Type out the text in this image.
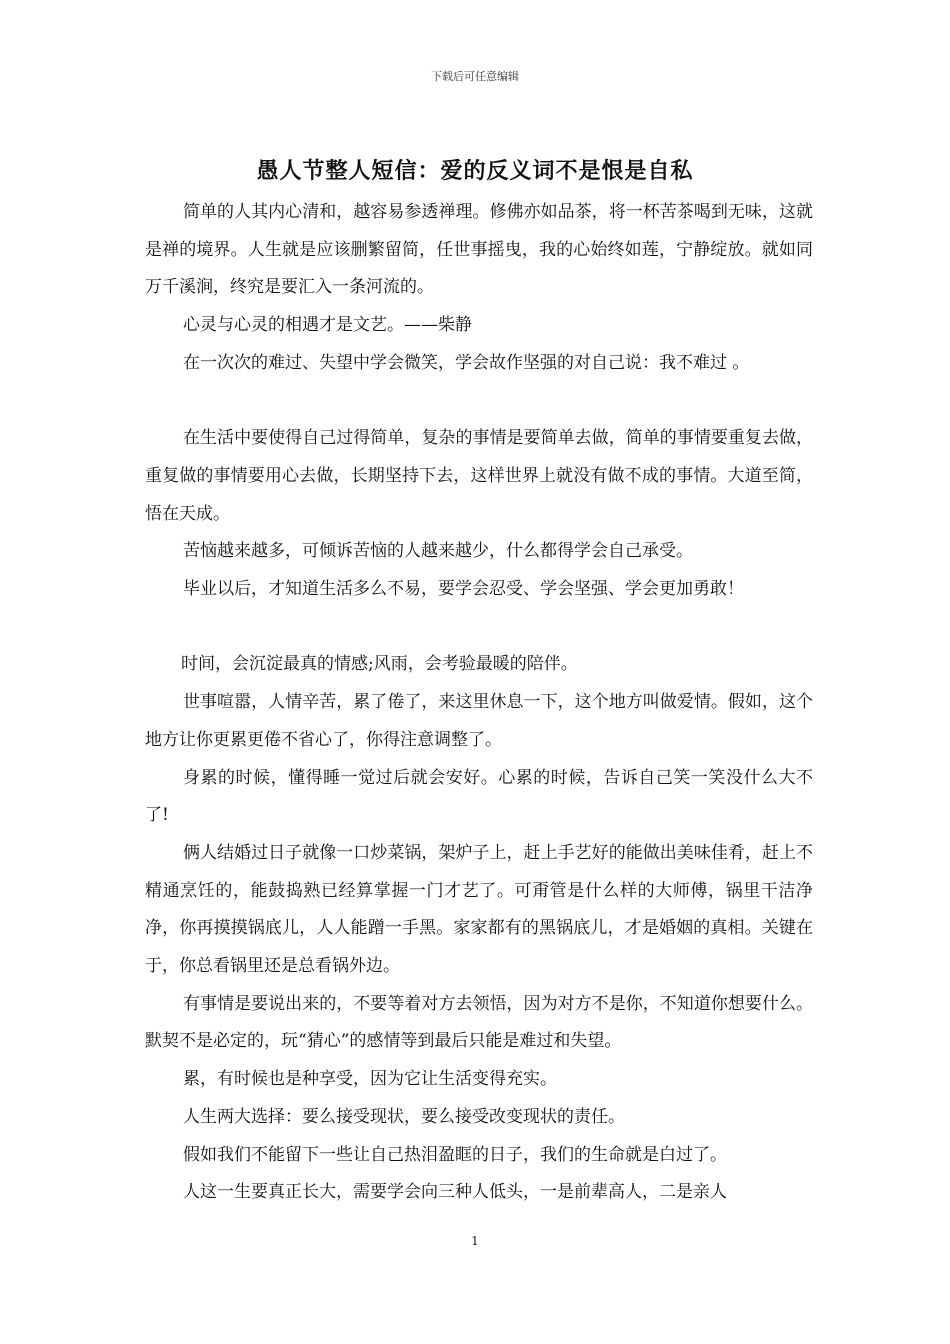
下载后可任意编辑
愚人节整人短信：爱的反义词不是恨是自私

简单的人其内心清和，越容易参透禅理。修佛亦如品茶，将一杯苦茶喝到无味，这就是禅的境界。人生就是应该删繁留简，任世事摇曳，我的心始终如莲，宁静绽放。就如同万千溪涧，终究是要汇入一条河流的。

心灵与心灵的相遇才是文艺。——柴静

在一次次的难过、失望中学会微笑，学会故作坚强的对自己说：我不难过 。

在生活中要使得自己过得简单，复杂的事情是要简单去做，简单的事情要重复去做，重复做的事情要用心去做，长期坚持下去，这样世界上就没有做不成的事情。大道至简，悟在天成。

苦恼越来越多，可倾诉苦恼的人越来越少，什么都得学会自己承受。

毕业以后，才知道生活多么不易，要学会忍受、学会坚强、学会更加勇敢！

时间，会沉淀最真的情感;风雨，会考验最暖的陪伴。

世事喧嚣，人情辛苦，累了倦了，来这里休息一下，这个地方叫做爱情。假如，这个地方让你更累更倦不省心了，你得注意调整了。

身累的时候，懂得睡一觉过后就会安好。心累的时候，告诉自己笑一笑没什么大不了!

俩人结婚过日子就像一口炒菜锅，架炉子上，赶上手艺好的能做出美味佳肴，赶上不精通烹饪的，能鼓捣熟已经算掌握一门才艺了。可甭管是什么样的大师傅，锅里干洁净净，你再摸摸锅底儿，人人能蹭一手黑。家家都有的黑锅底儿，才是婚姻的真相。关键在于，你总看锅里还是总看锅外边。

有事情是要说出来的，不要等着对方去领悟，因为对方不是你，不知道你想要什么。默契不是必定的，玩“猜心”的感情等到最后只能是难过和失望。

累，有时候也是种享受，因为它让生活变得充实。

人生两大选择：要么接受现状，要么接受改变现状的责任。

假如我们不能留下一些让自己热泪盈眶的日子，我们的生命就是白过了。

人这一生要真正长大，需要学会向三种人低头，一是前辈高人，二是亲人

1
